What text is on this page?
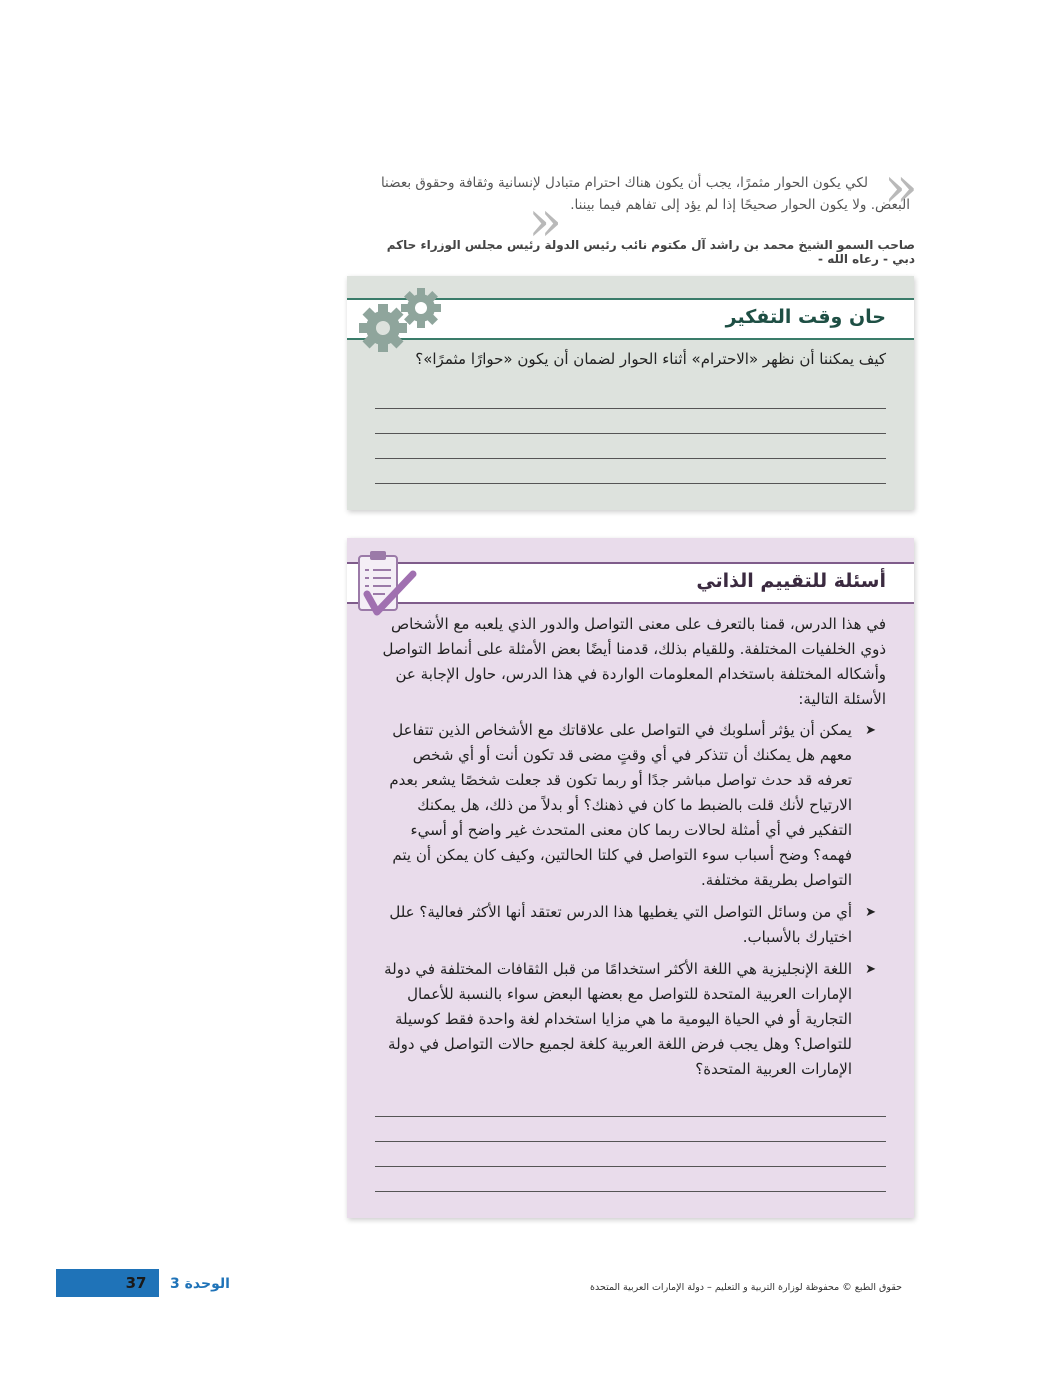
«
لكي يكون الحوار مثمرًا، يجب أن يكون هناك احترام متبادل لإنسانية وثقافة وحقوق بعضنا
البعض. ولا يكون الحوار صحيحًا إذا لم يؤد إلى تفاهم فيما بيننا.
«
صاحب السمو الشيخ محمد بن راشد آل مكتوم نائب رئيس الدولة رئيس مجلس الوزراء حاكم دبي - رعاه الله -
حان وقت التفكير
كيف يمكننا أن نظهر «الاحترام» أثناء الحوار لضمان أن يكون «حوارًا مثمرًا»؟
أسئلة للتقييم الذاتي
في هذا الدرس، قمنا بالتعرف على معنى التواصل والدور الذي يلعبه مع الأشخاص ذوي الخلفيات المختلفة. وللقيام بذلك، قدمنا أيضًا بعض الأمثلة على أنماط التواصل وأشكاله المختلفة باستخدام المعلومات الواردة في هذا الدرس، حاول الإجابة عن الأسئلة التالية:
➤
يمكن أن يؤثر أسلوبك في التواصل على علاقاتك مع الأشخاص الذين تتفاعل معهم هل يمكنك أن تتذكر في أي وقتٍ مضى قد تكون أنت أو أي شخص تعرفه قد حدث تواصل مباشر جدًا أو ربما تكون قد جعلت شخصًا يشعر بعدم الارتياح لأنك قلت بالضبط ما كان في ذهنك؟ أو بدلاً من ذلك، هل يمكنك التفكير في أي أمثلة لحالات ربما كان معنى المتحدث غير واضح أو أسيء فهمه؟ وضح أسباب سوء التواصل في كلتا الحالتين، وكيف كان يمكن أن يتم التواصل بطريقة مختلفة.
➤
أي من وسائل التواصل التي يغطيها هذا الدرس تعتقد أنها الأكثر فعالية؟ علل اختيارك بالأسباب.
➤
اللغة الإنجليزية هي اللغة الأكثر استخدامًا من قبل الثقافات المختلفة في دولة الإمارات العربية المتحدة للتواصل مع بعضها البعض سواء بالنسبة للأعمال التجارية أو في الحياة اليومية ما هي مزايا استخدام لغة واحدة فقط كوسيلة للتواصل؟ وهل يجب فرض اللغة العربية كلغة لجميع حالات التواصل في دولة الإمارات العربية المتحدة؟
37	الوحدة 3	حقوق الطبع © محفوظة لوزارة التربية و التعليم – دولة الإمارات العربية المتحدة
